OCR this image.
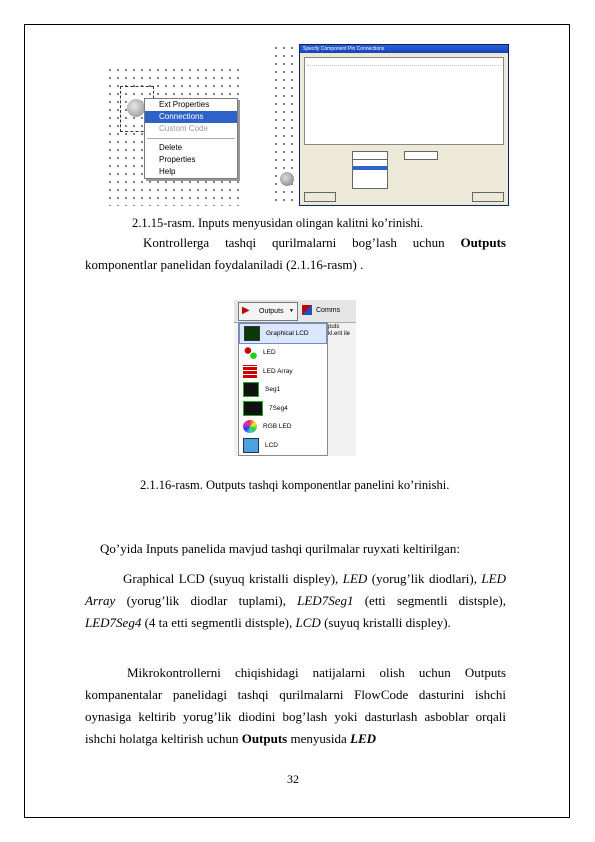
Ext Properties
Connections
Custom Code
Delete
Properties
Help
Specify Component Pin Connections
2.1.15-rasm. Inputs menyusidan olingan kalitni ko’rinishi.
Kontrollerga tashqi qurilmalarni bog’lash uchun Outputs
komponentlar panelidan foydalaniladi (2.1.16-rasm) .
▶ Outputs ▼	Comms
puts
kl.ent ile
Graphical LCD
LED
LED Array
Seg1
7Seg4
RGB LED
LCD
2.1.16-rasm. Outputs tashqi komponentlar panelini ko’rinishi.
Qo’yida Inputs panelida mavjud tashqi qurilmalar ruyxati keltirilgan:
Graphical LCD (suyuq kristalli displey), LED (yorug’lik diodlari), LED Array (yorug’lik diodlar tuplami), LED7Seg1 (etti segmentli distsple), LED7Seg4 (4 ta etti segmentli distsple), LCD (suyuq kristalli displey).
Mikrokontrollerni chiqishidagi natijalarni olish uchun Outputs kompanentalar panelidagi tashqi qurilmalarni FlowCode dasturini ishchi oynasiga keltirib yorug’lik diodini bog’lash yoki dasturlash asboblar orqali ishchi holatga keltirish uchun Outputs menyusida LED
32
